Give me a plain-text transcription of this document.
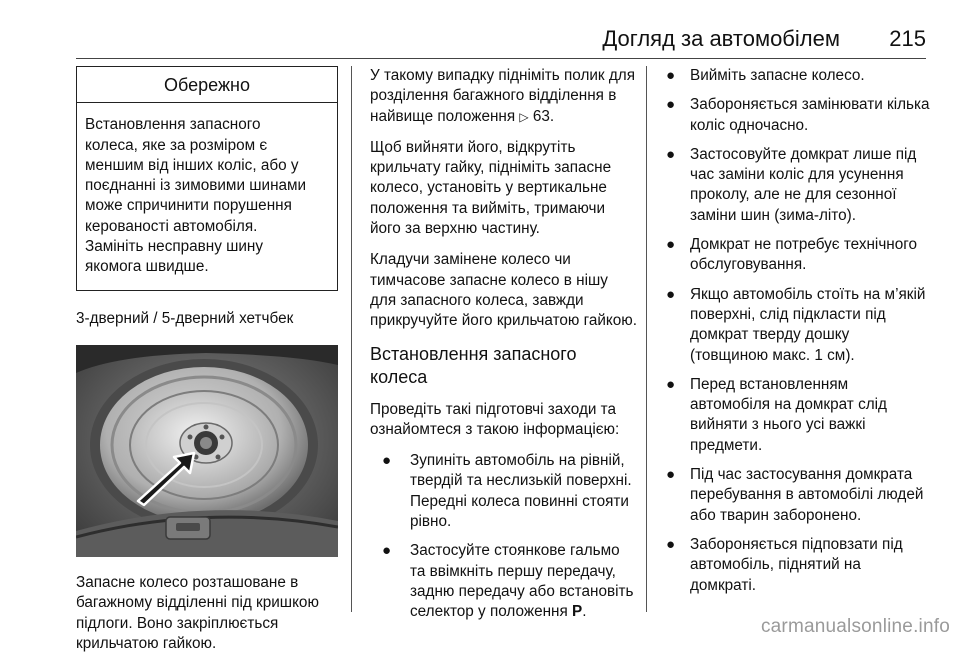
Догляд за автомобілем 215
Обережно
Встановлення запасного
колеса, яке за розміром є
меншим від інших коліс, або у
поєднанні із зимовими шинами
може спричинити порушення
керованості автомобіля.
Замініть несправну шину
якомога швидше.
3-дверний / 5-дверний хетчбек
Запасне колесо розташоване в багажному відділенні під кришкою підлоги. Воно закріплюється крильчатою гайкою.

У такому випадку підніміть полик для розділення багажного відділення в найвище положення ▷ 63.

Щоб вийняти його, відкрутіть крильчату гайку, підніміть запасне колесо, установіть у вертикальне положення та вийміть, тримаючи його за верхню частину.

Кладучи замінене колесо чи тимчасове запасне колесо в нішу для запасного колеса, завжди прикручуйте його крильчатою гайкою.

Встановлення запасного колеса

Проведіть такі підготовчі заходи та ознайомтеся з такою інформацією:

● Зупиніть автомобіль на рівній, твердій та неслизькій поверхні. Передні колеса повинні стояти рівно.
● Застосуйте стоянкове гальмо та ввімкніть першу передачу, задню передачу або встановіть селектор у положення P.
● Вийміть запасне колесо.
● Забороняється замінювати кілька коліс одночасно.
● Застосовуйте домкрат лише під час заміни коліс для усунення проколу, але не для сезонної заміни шин (зима-літо).
● Домкрат не потребує технічного обслуговування.
● Якщо автомобіль стоїть на м’якій поверхні, слід підкласти під домкрат тверду дошку (товщиною макс. 1 см).
● Перед встановленням автомобіля на домкрат слід вийняти з нього усі важкі предмети.
● Під час застосування домкрата перебування в автомобілі людей або тварин заборонено.
● Забороняється підповзати під автомобіль, піднятий на домкраті.
carmanualsonline.info
